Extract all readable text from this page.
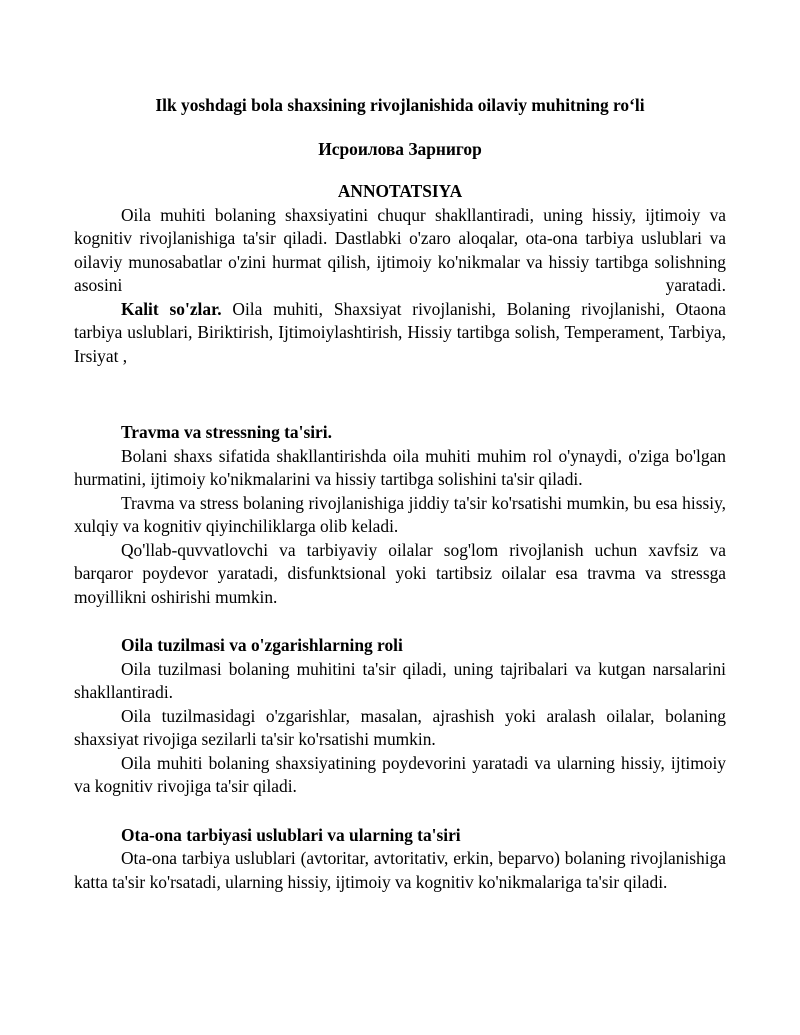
Ilk yoshdagi bola shaxsining rivojlanishida oilaviy muhitning ro‘li

Исроилова Зарнигор

ANNOTATSIYA

Oila muhiti bolaning shaxsiyatini chuqur shakllantiradi, uning hissiy, ijtimoiy va kognitiv rivojlanishiga ta'sir qiladi. Dastlabki o'zaro aloqalar, ota-ona tarbiya uslublari va oilaviy munosabatlar o'zini hurmat qilish, ijtimoiy ko'nikmalar va hissiy tartibga solishning asosini yaratadi.

Kalit so'zlar. Oila muhiti, Shaxsiyat rivojlanishi, Bolaning rivojlanishi, Otaona tarbiya uslublari, Biriktirish, Ijtimoiylashtirish, Hissiy tartibga solish, Temperament, Tarbiya, Irsiyat ,

Travma va stressning ta'siri.

Bolani shaxs sifatida shakllantirishda oila muhiti muhim rol o'ynaydi, o'ziga bo'lgan hurmatini, ijtimoiy ko'nikmalarini va hissiy tartibga solishini ta'sir qiladi.

Travma va stress bolaning rivojlanishiga jiddiy ta'sir ko'rsatishi mumkin, bu esa hissiy, xulqiy va kognitiv qiyinchiliklarga olib keladi.

Qo'llab-quvvatlovchi va tarbiyaviy oilalar sog'lom rivojlanish uchun xavfsiz va barqaror poydevor yaratadi, disfunktsional yoki tartibsiz oilalar esa travma va stressga moyillikni oshirishi mumkin.

Oila tuzilmasi va o'zgarishlarning roli

Oila tuzilmasi bolaning muhitini ta'sir qiladi, uning tajribalari va kutgan narsalarini shakllantiradi.

Oila tuzilmasidagi o'zgarishlar, masalan, ajrashish yoki aralash oilalar, bolaning shaxsiyat rivojiga sezilarli ta'sir ko'rsatishi mumkin.

Oila muhiti bolaning shaxsiyatining poydevorini yaratadi va ularning hissiy, ijtimoiy va kognitiv rivojiga ta'sir qiladi.

Ota-ona tarbiyasi uslublari va ularning ta'siri

Ota-ona tarbiya uslublari (avtoritar, avtoritativ, erkin, beparvo) bolaning rivojlanishiga katta ta'sir ko'rsatadi, ularning hissiy, ijtimoiy va kognitiv ko'nikmalariga ta'sir qiladi.
